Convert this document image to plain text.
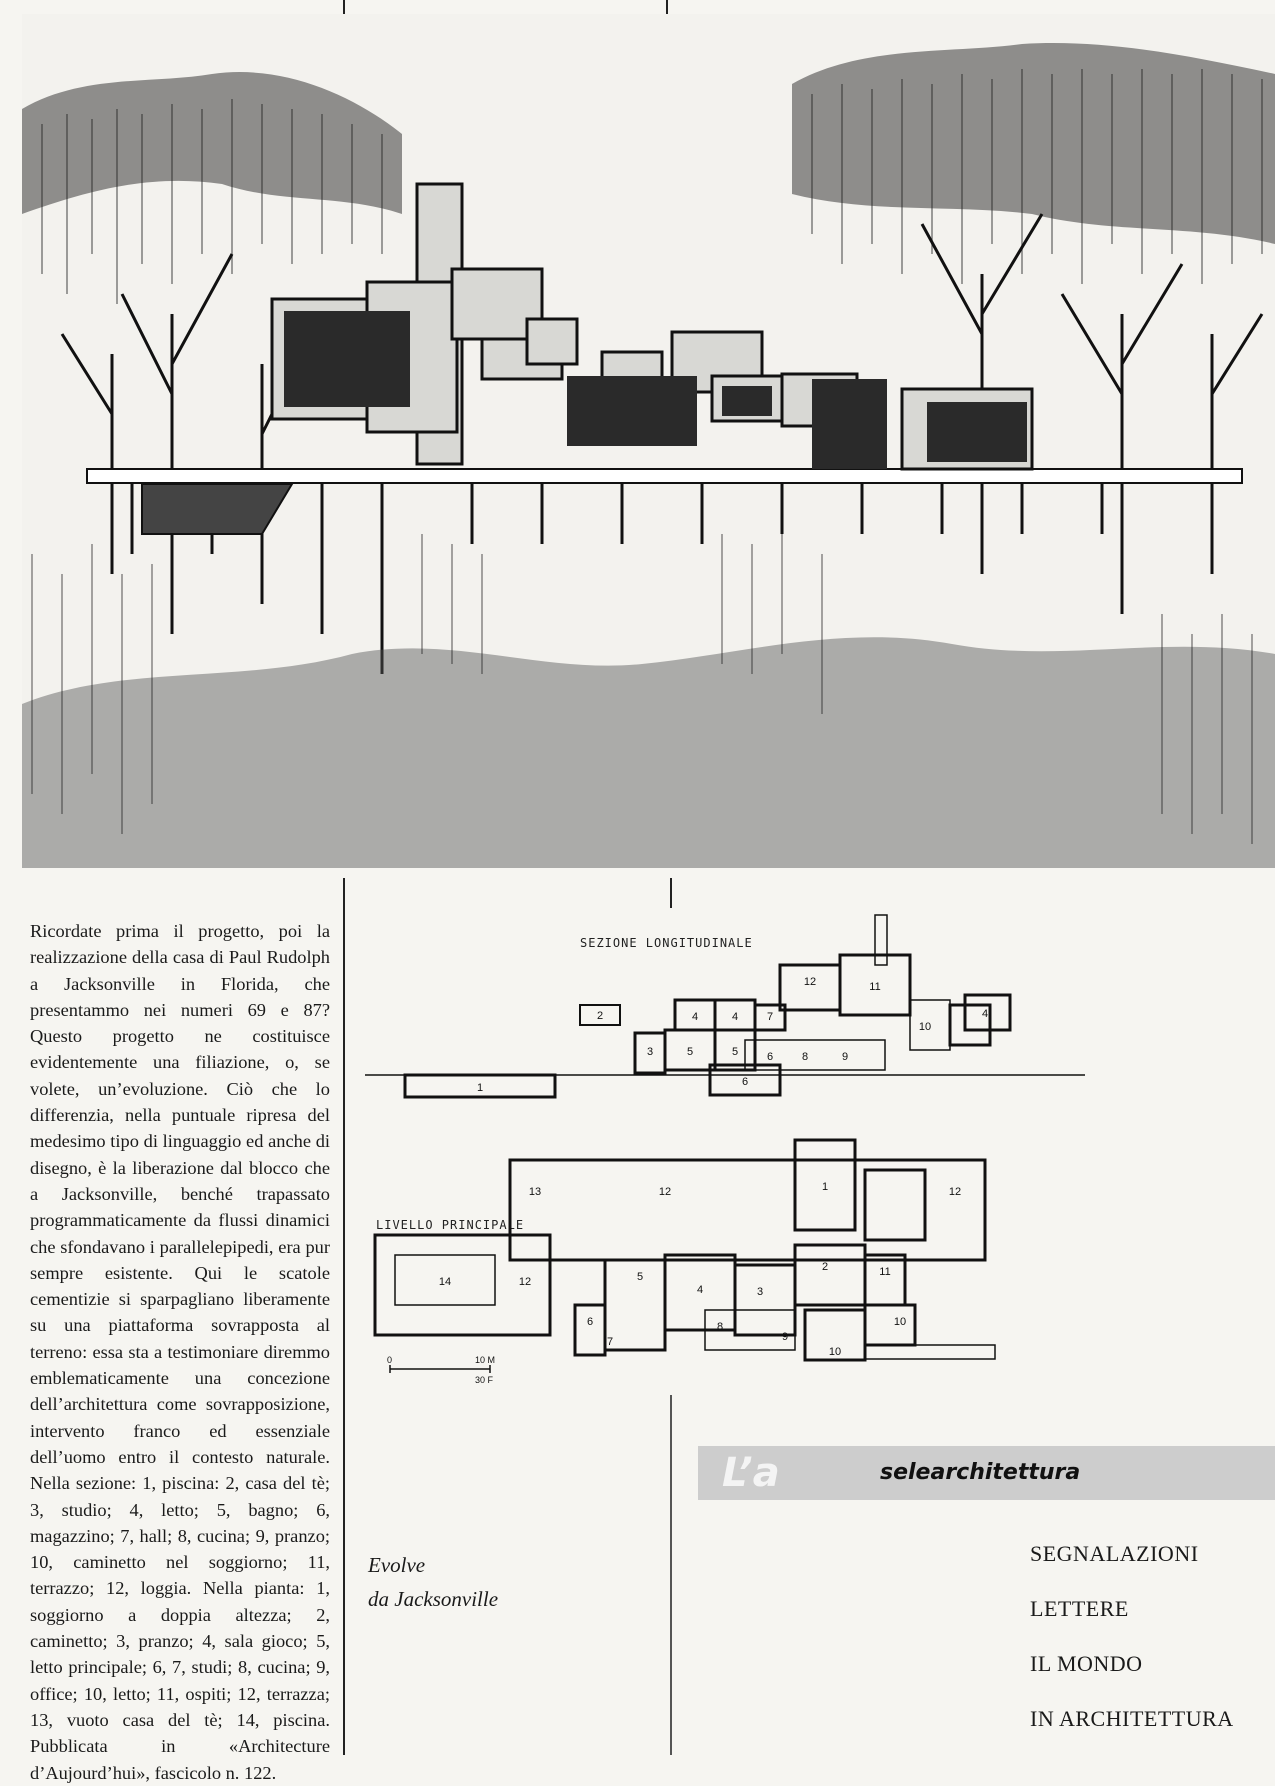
Ricordate prima il progetto, poi la realizzazione della casa di Paul Rudolph a Jacksonville in Florida, che presentammo nei numeri 69 e 87? Questo progetto ne costituisce evidentemente una filiazione, o, se volete, un’evoluzione. Ciò che lo differenzia, nella puntuale ripresa del medesimo tipo di linguaggio ed anche di disegno, è la liberazione dal blocco che a Jacksonville, benché trapassato programmaticamente da flussi dinamici che sfondavano i parallelepipedi, era pur sempre esistente. Qui le scatole cementizie si sparpagliano liberamente su una piattaforma sovrapposta al terreno: essa sta a testimoniare diremmo emblematicamente una concezione dell’architettura come sovrapposizione, intervento franco ed essenziale dell’uomo entro il contesto naturale. Nella sezione: 1, piscina: 2, casa del tè; 3, studio; 4, letto; 5, bagno; 6, magazzino; 7, hall; 8, cucina; 9, pranzo; 10, caminetto nel soggiorno; 11, terrazzo; 12, loggia. Nella pianta: 1, soggiorno a doppia altezza; 2, caminetto; 3, pranzo; 4, sala gioco; 5, letto principale; 6, 7, studi; 8, cucina; 9, office; 10, letto; 11, ospiti; 12, terrazza; 13, vuoto casa del tè; 14, piscina. Pubblicata in «Architecture d’Aujourd’hui», fascicolo n. 122.
SEZIONE LONGITUDINALE
1
2
3
4	4	4
5	5
6
6
7
8	9
10
11
12
LIVELLO PRINCIPALE
1
2
3
4
5
6
7
8
9
10
10
11
12	12
12
13
14
0	10 M
30 F
Evolve
da Jacksonville
L’a	selearchitettura
SEGNALAZIONI
LETTERE
IL MONDO
IN ARCHITETTURA
